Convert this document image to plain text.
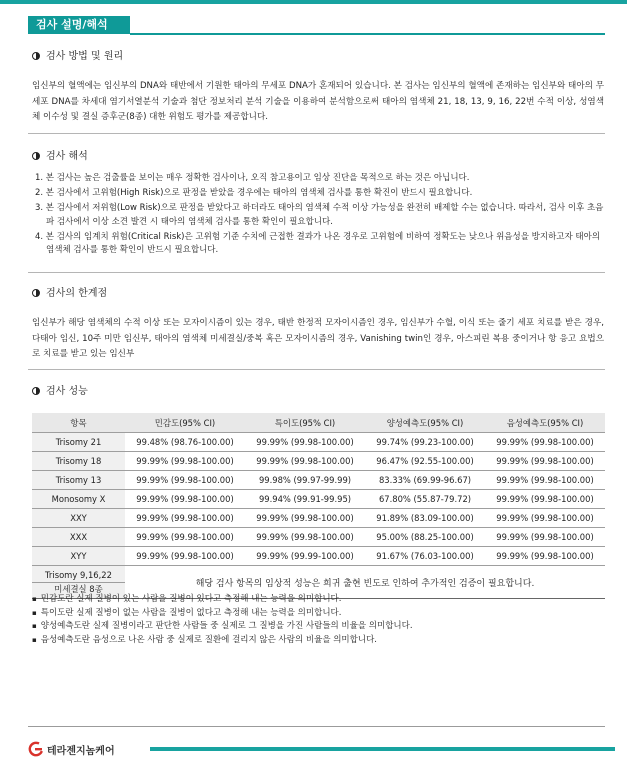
검사 설명/해석
검사 방법 및 원리

임신부의 혈액에는 임신부의 DNA와 태반에서 기원한 태아의 무세포 DNA가 혼재되어 있습니다. 본 검사는 임신부의 혈액에 존재하는 임신부와 태아의 무세포 DNA를 차세대 염기서열분석 기술과 첨단 정보처리 분석 기술을 이용하여 분석함으로써 태아의 염색체 21, 18, 13, 9, 16, 22번 수적 이상, 성염색체 이수성 및 결실 증후군(8종) 대한 위험도 평가를 제공합니다.

검사 해석
1. 본 검사는 높은 검출률을 보이는 매우 정확한 검사이나, 오직 참고용이고 임상 진단을 목적으로 하는 것은 아닙니다.
2. 본 검사에서 고위험(High Risk)으로 판정을 받았을 경우에는 태아의 염색체 검사를 통한 확진이 반드시 필요합니다.
3. 본 검사에서 저위험(Low Risk)으로 판정을 받았다고 하더라도 태아의 염색체 수적 이상 가능성을 완전히 배제할 수는 없습니다. 따라서, 검사 이후 초음파 검사에서 이상 소견 발견 시 태아의 염색체 검사를 통한 확인이 필요합니다.
4. 본 검사의 임계치 위험(Critical Risk)은 고위험 기준 수치에 근접한 결과가 나온 경우로 고위험에 비하여 정확도는 낮으나 위음성을 방지하고자 태아의 염색체 검사를 통한 확인이 반드시 필요합니다.
검사의 한계점

임신부가 해당 염색체의 수적 이상 또는 모자이시즘이 있는 경우, 태반 한정적 모자이시즘인 경우, 임신부가 수혈, 이식 또는 줄기 세포 치료를 받은 경우, 다태아 임신, 10주 미만 임신부, 태아의 염색체 미세결실/중복 혹은 모자이시즘의 경우, Vanishing twin인 경우, 아스피린 복용 중이거나 항 응고 요법으로 치료를 받고 있는 임신부

검사 성능
항목	민감도(95% CI)	특이도(95% CI)	양성예측도(95% CI)	음성예측도(95% CI)
Trisomy 21	99.48% (98.76-100.00)	99.99% (99.98-100.00)	99.74% (99.23-100.00)	99.99% (99.98-100.00)
Trisomy 18	99.99% (99.98-100.00)	99.99% (99.98-100.00)	96.47% (92.55-100.00)	99.99% (99.98-100.00)
Trisomy 13	99.99% (99.98-100.00)	99.98% (99.97-99.99)	83.33% (69.99-96.67)	99.99% (99.98-100.00)
Monosomy X	99.99% (99.98-100.00)	99.94% (99.91-99.95)	67.80% (55.87-79.72)	99.99% (99.98-100.00)
XXY	99.99% (99.98-100.00)	99.99% (99.98-100.00)	91.89% (83.09-100.00)	99.99% (99.98-100.00)
XXX	99.99% (99.98-100.00)	99.99% (99.98-100.00)	95.00% (88.25-100.00)	99.99% (99.98-100.00)
XYY	99.99% (99.98-100.00)	99.99% (99.99-100.00)	91.67% (76.03-100.00)	99.99% (99.98-100.00)

Trisomy 9,16,22
미세결실 8종	해당 검사 항목의 임상적 성능은 희귀 출현 빈도로 인하여 추가적인 검증이 필요합니다.			
▪ 민감도란 실제 질병이 있는 사람을 질병이 있다고 측정해 내는 능력을 의미합니다.
▪ 특이도란 실제 질병이 없는 사람을 질병이 없다고 측정해 내는 능력을 의미합니다.
▪ 양성예측도란 실제 질병이라고 판단한 사람들 중 실제로 그 질병을 가진 사람들의 비율을 의미합니다.
▪ 음성예측도란 음성으로 나온 사람 중 실제로 질환에 걸리지 않은 사람의 비율을 의미합니다.
테라젠지놈케어
